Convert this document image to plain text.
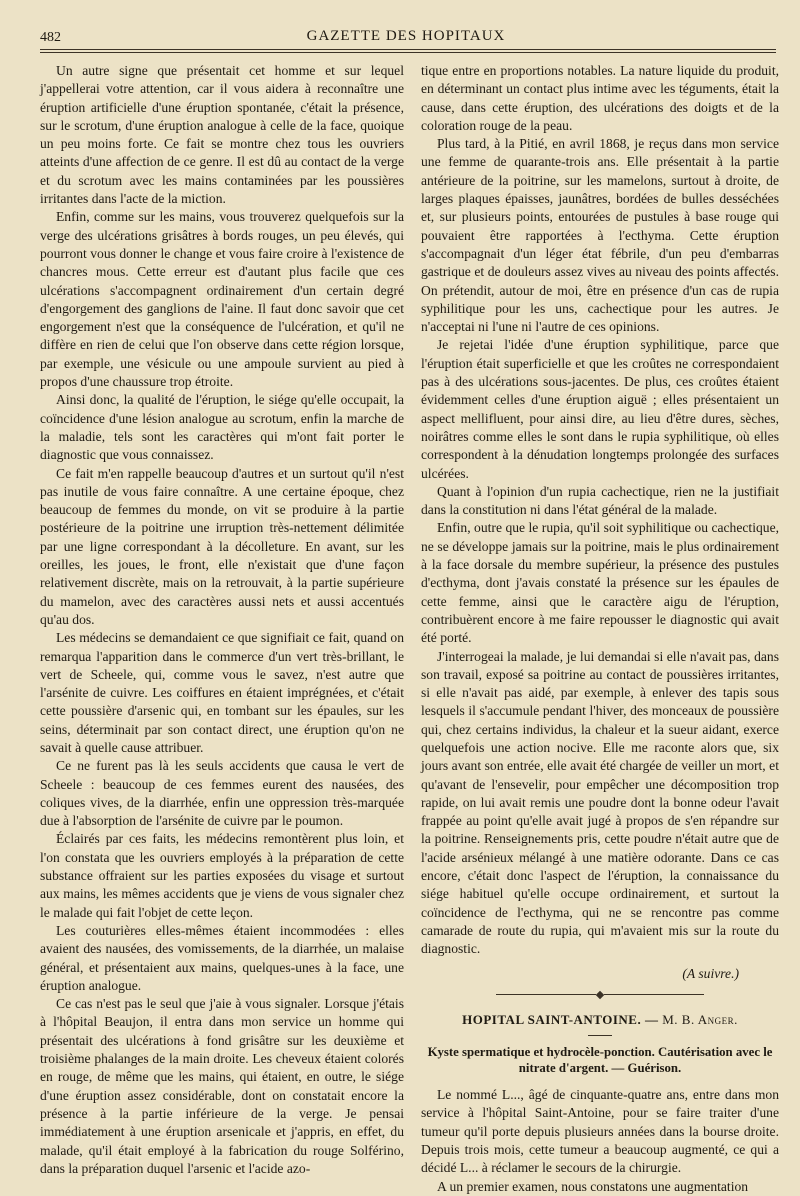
482	GAZETTE DES HOPITAUX

Un autre signe que présentait cet homme et sur lequel j'appellerai votre attention, car il vous aidera à reconnaître une éruption artificielle d'une éruption spontanée, c'était la présence, sur le scrotum, d'une éruption analogue à celle de la face, quoique un peu moins forte. Ce fait se montre chez tous les ouvriers atteints d'une affection de ce genre. Il est dû au contact de la verge et du scrotum avec les mains contaminées par les poussières irritantes dans l'acte de la miction.

Enfin, comme sur les mains, vous trouverez quelquefois sur la verge des ulcérations grisâtres à bords rouges, un peu élevés, qui pourront vous donner le change et vous faire croire à l'existence de chancres mous. Cette erreur est d'autant plus facile que ces ulcérations s'accompagnent ordinairement d'un certain degré d'engorgement des ganglions de l'aine. Il faut donc savoir que cet engorgement n'est que la conséquence de l'ulcération, et qu'il ne diffère en rien de celui que l'on observe dans cette région lorsque, par exemple, une vésicule ou une ampoule survient au pied à propos d'une chaussure trop étroite.

Ainsi donc, la qualité de l'éruption, le siége qu'elle occupait, la coïncidence d'une lésion analogue au scrotum, enfin la marche de la maladie, tels sont les caractères qui m'ont fait porter le diagnostic que vous connaissez.

Ce fait m'en rappelle beaucoup d'autres et un surtout qu'il n'est pas inutile de vous faire connaître. A une certaine époque, chez beaucoup de femmes du monde, on vit se produire à la partie postérieure de la poitrine une irruption très-nettement délimitée par une ligne correspondant à la décolleture. En avant, sur les oreilles, les joues, le front, elle n'existait que d'une façon relativement discrète, mais on la retrouvait, à la partie supérieure du mamelon, avec des caractères aussi nets et aussi accentués qu'au dos.

Les médecins se demandaient ce que signifiait ce fait, quand on remarqua l'apparition dans le commerce d'un vert très-brillant, le vert de Scheele, qui, comme vous le savez, n'est autre que l'arsénite de cuivre. Les coiffures en étaient imprégnées, et c'était cette poussière d'arsenic qui, en tombant sur les épaules, sur les seins, déterminait par son contact direct, une éruption qu'on ne savait à quelle cause attribuer.

Ce ne furent pas là les seuls accidents que causa le vert de Scheele : beaucoup de ces femmes eurent des nausées, des coliques vives, de la diarrhée, enfin une oppression très-marquée due à l'absorption de l'arsénite de cuivre par le poumon.

Éclairés par ces faits, les médecins remontèrent plus loin, et l'on constata que les ouvriers employés à la préparation de cette substance offraient sur les parties exposées du visage et surtout aux mains, les mêmes accidents que je viens de vous signaler chez le malade qui fait l'objet de cette leçon.

Les couturières elles-mêmes étaient incommodées : elles avaient des nausées, des vomissements, de la diarrhée, un malaise général, et présentaient aux mains, quelques-unes à la face, une éruption analogue.

Ce cas n'est pas le seul que j'aie à vous signaler. Lorsque j'étais à l'hôpital Beaujon, il entra dans mon service un homme qui présentait des ulcérations à fond grisâtre sur les deuxième et troisième phalanges de la main droite. Les cheveux étaient colorés en rouge, de même que les mains, qui étaient, en outre, le siége d'une éruption assez considérable, dont on constatait encore la présence à la partie inférieure de la verge. Je pensai immédiatement à une éruption arsenicale et j'appris, en effet, du malade, qu'il était employé à la fabrication du rouge Solférino, dans la préparation duquel l'arsenic et l'acide azo-

tique entre en proportions notables. La nature liquide du produit, en déterminant un contact plus intime avec les téguments, était la cause, dans cette éruption, des ulcérations des doigts et de la coloration rouge de la peau.

Plus tard, à la Pitié, en avril 1868, je reçus dans mon service une femme de quarante-trois ans. Elle présentait à la partie antérieure de la poitrine, sur les mamelons, surtout à droite, de larges plaques épaisses, jaunâtres, bordées de bulles desséchées et, sur plusieurs points, entourées de pustules à base rouge qui pouvaient être rapportées à l'ecthyma. Cette éruption s'accompagnait d'un léger état fébrile, d'un peu d'embarras gastrique et de douleurs assez vives au niveau des points affectés. On prétendit, autour de moi, être en présence d'un cas de rupia syphilitique pour les uns, cachectique pour les autres. Je n'acceptai ni l'une ni l'autre de ces opinions.

Je rejetai l'idée d'une éruption syphilitique, parce que l'éruption était superficielle et que les croûtes ne correspondaient pas à des ulcérations sous-jacentes. De plus, ces croûtes étaient évidemment celles d'une éruption aiguë ; elles présentaient un aspect mellifluent, pour ainsi dire, au lieu d'être dures, sèches, noirâtres comme elles le sont dans le rupia syphilitique, où elles correspondent à la dénudation longtemps prolongée des surfaces ulcérées.

Quant à l'opinion d'un rupia cachectique, rien ne la justifiait dans la constitution ni dans l'état général de la malade.

Enfin, outre que le rupia, qu'il soit syphilitique ou cachectique, ne se développe jamais sur la poitrine, mais le plus ordinairement à la face dorsale du membre supérieur, la présence des pustules d'ecthyma, dont j'avais constaté la présence sur les épaules de cette femme, ainsi que le caractère aigu de l'éruption, contribuèrent encore à me faire repousser le diagnostic qui avait été porté.

J'interrogeai la malade, je lui demandai si elle n'avait pas, dans son travail, exposé sa poitrine au contact de poussières irritantes, si elle n'avait pas aidé, par exemple, à enlever des tapis sous lesquels il s'accumule pendant l'hiver, des monceaux de poussière qui, chez certains individus, la chaleur et la sueur aidant, exerce quelquefois une action nocive. Elle me raconte alors que, six jours avant son entrée, elle avait été chargée de veiller un mort, et qu'avant de l'ensevelir, pour empêcher une décomposition trop rapide, on lui avait remis une poudre dont la bonne odeur l'avait frappée au point qu'elle avait jugé à propos de s'en répandre sur la poitrine. Renseignements pris, cette poudre n'était autre que de l'acide arsénieux mélangé à une matière odorante. Dans ce cas encore, c'était donc l'aspect de l'éruption, la connaissance du siége habituel qu'elle occupe ordinairement, et surtout la coïncidence de l'ecthyma, qui ne se rencontre pas comme camarade de route du rupia, qui m'avaient mis sur la route du diagnostic.

(A suivre.)
HOPITAL SAINT-ANTOINE. — M. B. Anger.
Kyste spermatique et hydrocèle-ponction. Cautérisation avec le nitrate d'argent. — Guérison.

Le nommé L..., âgé de cinquante-quatre ans, entre dans mon service à l'hôpital Saint-Antoine, pour se faire traiter d'une tumeur qu'il porte depuis plusieurs années dans la bourse droite. Depuis trois mois, cette tumeur a beaucoup augmenté, ce qui a décidé L... à réclamer le secours de la chirurgie.

A un premier examen, nous constatons une augmentation
